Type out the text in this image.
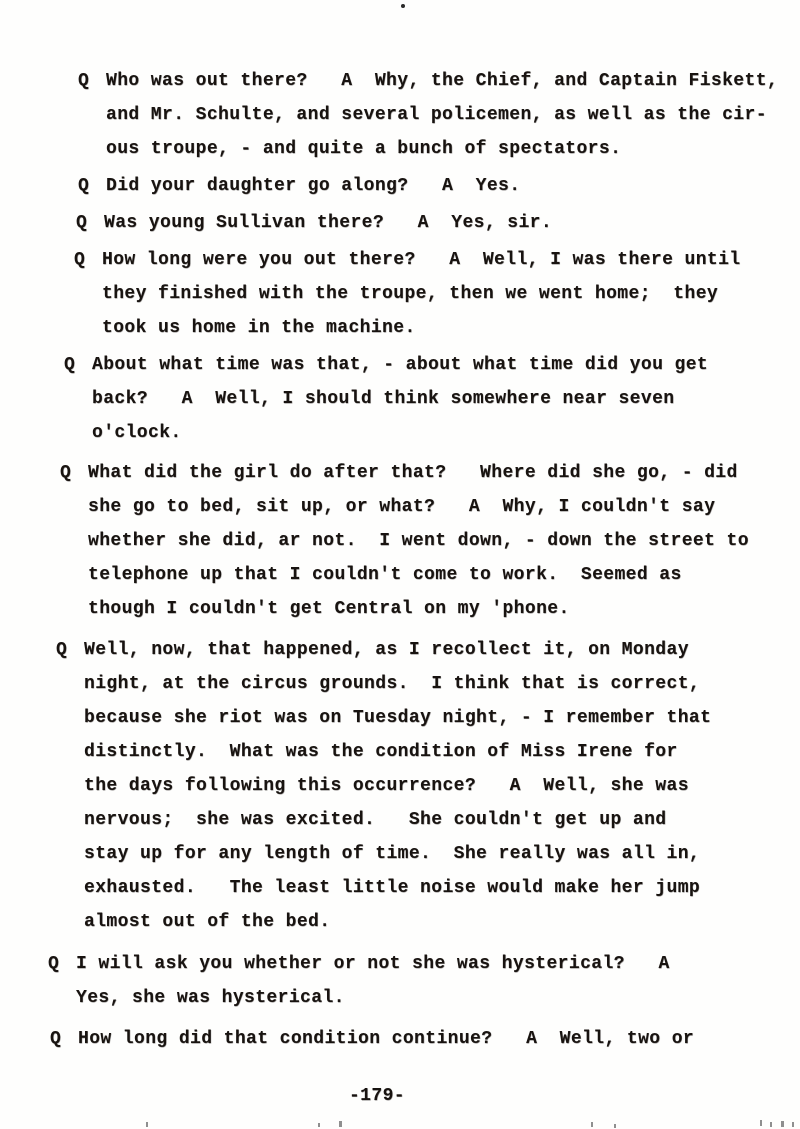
Q Who was out there?   A  Why, the Chief, and Captain Fiskett,
and Mr. Schulte, and several policemen, as well as the cir-
ous troupe, - and quite a bunch of spectators.
Q Did your daughter go along?   A  Yes.
Q Was young Sullivan there?   A  Yes, sir.
Q How long were you out there?   A  Well, I was there until
they finished with the troupe, then we went home;  they
took us home in the machine.
Q About what time was that, - about what time did you get
back?   A  Well, I should think somewhere near seven
o'clock.
Q What did the girl do after that?   Where did she go, - did
she go to bed, sit up, or what?   A  Why, I couldn't say
whether she did, ar not.  I went down, - down the street to
telephone up that I couldn't come to work.  Seemed as
though I couldn't get Central on my 'phone.
Q Well, now, that happened, as I recollect it, on Monday
night, at the circus grounds.  I think that is correct,
because she riot was on Tuesday night, - I remember that
distinctly.  What was the condition of Miss Irene for
the days following this occurrence?   A  Well, she was
nervous;  she was excited.   She couldn't get up and
stay up for any length of time.  She really was all in,
exhausted.   The least little noise would make her jump
almost out of the bed.
Q I will ask you whether or not she was hysterical?   A
Yes, she was hysterical.
Q How long did that condition continue?   A  Well, two or
-179-
